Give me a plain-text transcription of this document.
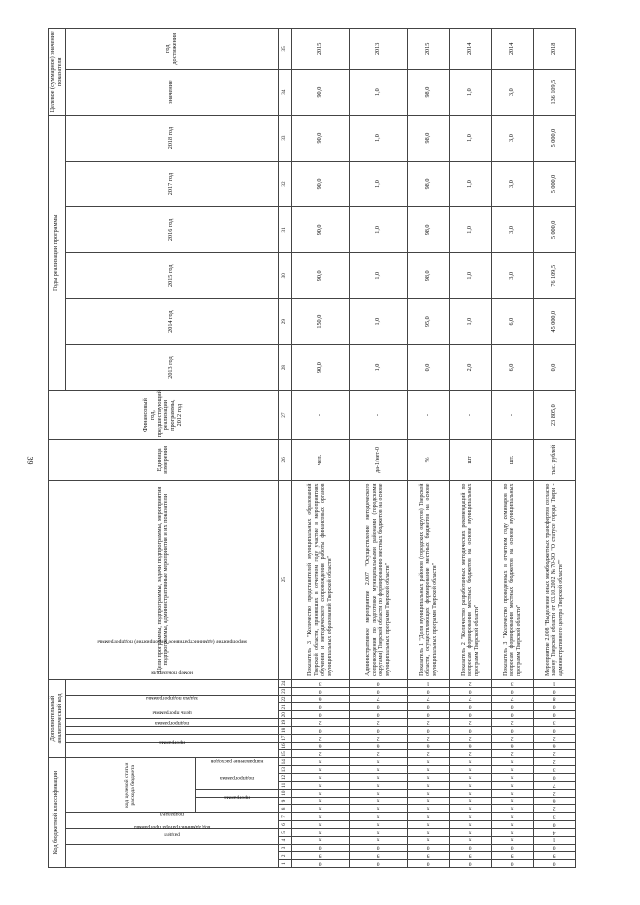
39
Код бюджетной классификации														Дополнительный аналитический код										Цели программы, подпрограммы, задачи подпрограммы, мероприятия подпрограммы, административные мероприятия и их показатели	Единица измерения	Финансовый год, предшествующий реализации программы, 2012 год	Годы реализации программы						Целевое (суммарное) значение показателя	
код администратора программы			раздел		подраздел		код целевой статьи расхода бюджета							программа		подпрограмма	цель программы	задача подпрограммы	мероприятие (административное мероприятие) подпрограммы			номер показателя					2013 год	2014 год	2015 год	2016 год	2017 год	2018 год	значение	год достижения
							программа		подпрограмма	направление расходов																								
1	2	3	4	5	6	7	8	9	10	11	12	13	14	15	16	17	18	19	20	21	22	23	24	25	26	27	28	29	30	31	32	33	34	35
0	9	0	x	x	x	x	x	x	x	x	x	x	x	2	6	2	0	2	0	0	6	0	3	Показатель 3 "Количество представителей муниципальных образований Тверской области, принявших в отчетном году участие в мероприятиях обучения и методического сопровождения работы финансовых органов муниципальных образований Тверской области"	чел.	-	90,0	150,0	90,0	90,0	90,0	90,0	90,0	2015
0	9	0	x	x	x	x	x	x	x	x	x	x	x	2	6	2	0	2	0	0	7	0	0	Административное мероприятие 2.007 "Осуществление методического сопровождения по подготовке муниципальными районами (городскими округами) Тверской области по формированию местных бюджетов на основе муниципальных программ Тверской области"	да-1/нет-0	-	1,0	1,0	1,0	1,0	1,0	1,0	1,0	2013
0	9	0	x	x	x	x	x	x	x	x	x	x	x	2	6	2	0	2	0	0	7	0	1	Показатель 1 "Доля муниципальных районов (городских округов) Тверской области, осуществляющих формирование местных бюджетов на основе муниципальных программ Тверской области"	%	-	0,0	95,0	98,0	98,0	98,0	98,0	98,0	2015
0	9	0	x	x	x	x	x	x	x	x	x	x	x	2	6	2	0	2	0	0	7	0	2	Показатель 2 "Количество разработанных методических рекомендаций по вопросам формирования местных бюджетов на основе муниципальных программ Тверской области"	шт	-	2,0	1,0	1,0	1,0	1,0	1,0	1,0	2014
0	9	0	x	x	x	x	x	x	x	x	x	x	x	2	6	2	0	2	0	0	7	0	3	Показатель 3 "Количество проведенных в отчетном году семинаров по вопросам формирования местных бюджетов на основе муниципальных программ Тверской области"	шт.	-	6,0	6,0	3,0	3,0	3,0	3,0	3,0	2014
0	9	0	1	4	0	3	2	6	2	7	0	3	2	2	6	2	0	3	0	0	8	0	1	Мероприятие 2.008 "Выделение иных межбюджетных трансфертов согласно закону Тверской области от 03.10.2002 №70-ЗО "О статусе города Твери - административного центра Тверской области""	тыс. рублей	23 805,0	0,0	45 000,0	76 109,5	5 000,0	5 000,0	5 000,0	136 109,5	2018
